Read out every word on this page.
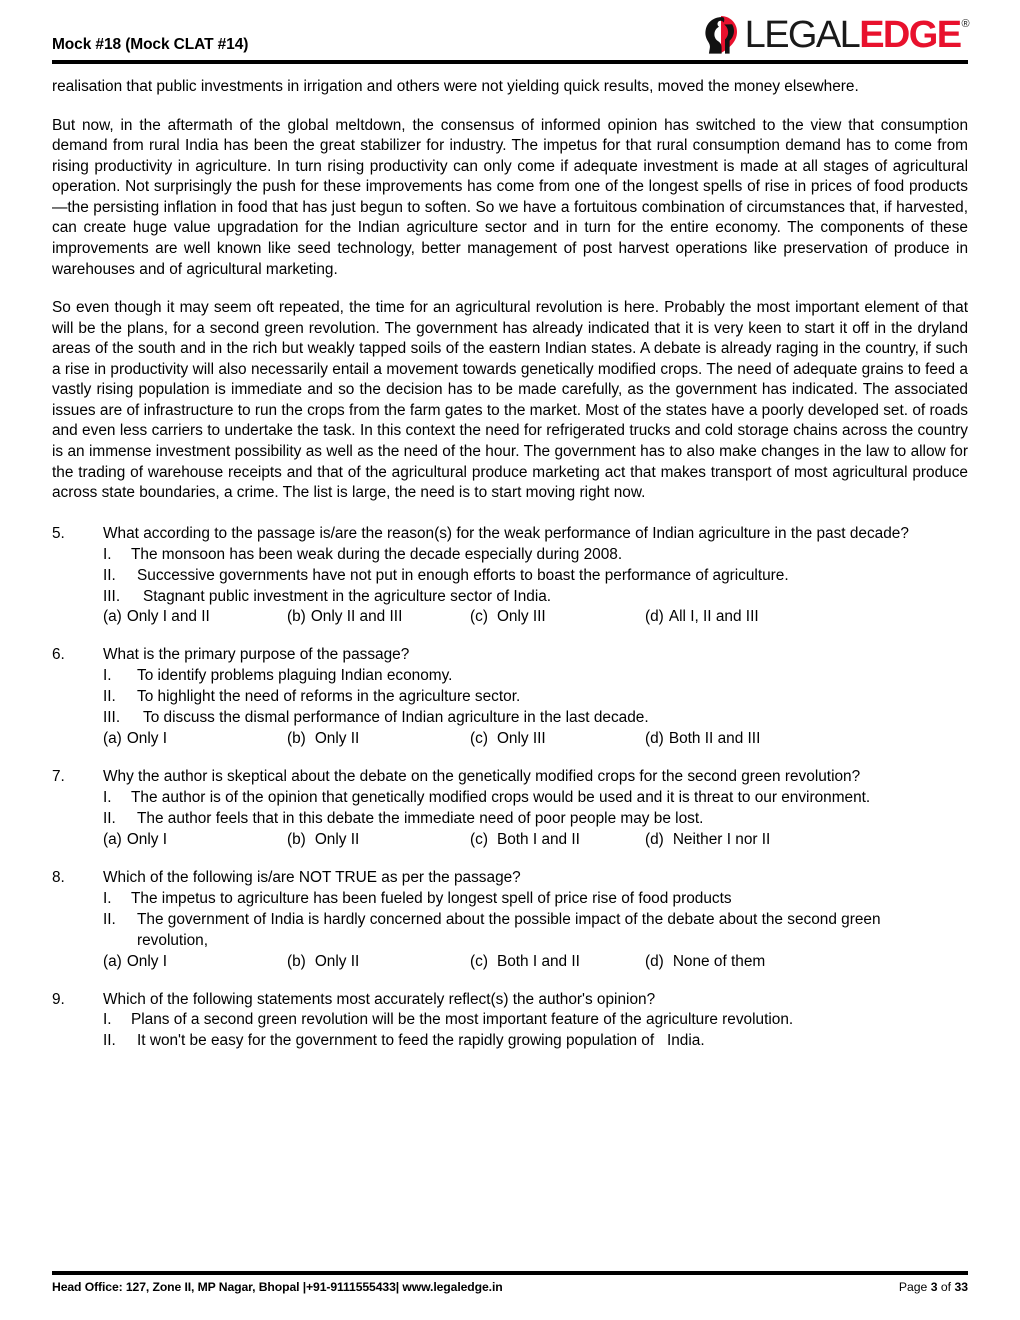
Mock #18 (Mock CLAT #14)	LEGAL EDGE ®

realisation that public investments in irrigation and others were not yielding quick results, moved the money elsewhere.

But now, in the aftermath of the global meltdown, the consensus of informed opinion has switched to the view that consumption demand from rural India has been the great stabilizer for industry. The impetus for that rural consumption demand has to come from rising productivity in agriculture. In turn rising productivity can only come if adequate investment is made at all stages of agricultural operation. Not surprisingly the push for these improvements has come from one of the longest spells of rise in prices of food products—the persisting inflation in food that has just begun to soften. So we have a fortuitous combination of circumstances that, if harvested, can create huge value upgradation for the Indian agriculture sector and in turn for the entire economy. The components of these improvements are well known like seed technology, better management of post harvest operations like preservation of produce in warehouses and of agricultural marketing.

So even though it may seem oft repeated, the time for an agricultural revolution is here. Probably the most important element of that will be the plans, for a second green revolution. The government has already indicated that it is very keen to start it off in the dryland areas of the south and in the rich but weakly tapped soils of the eastern Indian states. A debate is already raging in the country, if such a rise in productivity will also necessarily entail a movement towards genetically modified crops. The need of adequate grains to feed a vastly rising population is immediate and so the decision has to be made carefully, as the government has indicated. The associated issues are of infrastructure to run the crops from the farm gates to the market. Most of the states have a poorly developed set. of roads and even less carriers to undertake the task. In this context the need for refrigerated trucks and cold storage chains across the country is an immense investment possibility as well as the need of the hour. The government has to also make changes in the law to allow for the trading of warehouse receipts and that of the agricultural produce marketing act that makes transport of most agricultural produce across state boundaries, a crime. The list is large, the need is to start moving right now.

5.	What according to the passage is/are the reason(s) for the weak performance of Indian agriculture in the past decade?
I.	The monsoon has been weak during the decade especially during 2008.
II.	Successive governments have not put in enough efforts to boast the performance of agriculture.
III.	Stagnant public investment in the agriculture sector of India.
(a) Only I and II	(b) Only II and III	(c) Only III	(d) All I, II and III
6.	What is the primary purpose of the passage?
I.	To identify problems plaguing Indian economy.
II.	To highlight the need of reforms in the agriculture sector.
III.	To discuss the dismal performance of Indian agriculture in the last decade.
(a) Only I	(b) Only II	(c) Only III	(d) Both II and III
7.	Why the author is skeptical about the debate on the genetically modified crops for the second green revolution?
I.	The author is of the opinion that genetically modified crops would be used and it is threat to our environment.
II.	The author feels that in this debate the immediate need of poor people may be lost.
(a) Only I	(b) Only II	(c) Both I and II	(d) Neither I nor II
8.	Which of the following is/are NOT TRUE as per the passage?
I.	The impetus to agriculture has been fueled by longest spell of price rise of food products
II.	The government of India is hardly concerned about the possible impact of the debate about the second green revolution,
(a) Only I	(b) Only II	(c) Both I and II	(d) None of them
9.	Which of the following statements most accurately reflect(s) the author's opinion?
I.	Plans of a second green revolution will be the most important feature of the agriculture revolution.
II.	It won't be easy for the government to feed the rapidly growing population of   India.
Head Office: 127, Zone II, MP Nagar, Bhopal |+91-9111555433| www.legaledge.in	Page 3 of 33
